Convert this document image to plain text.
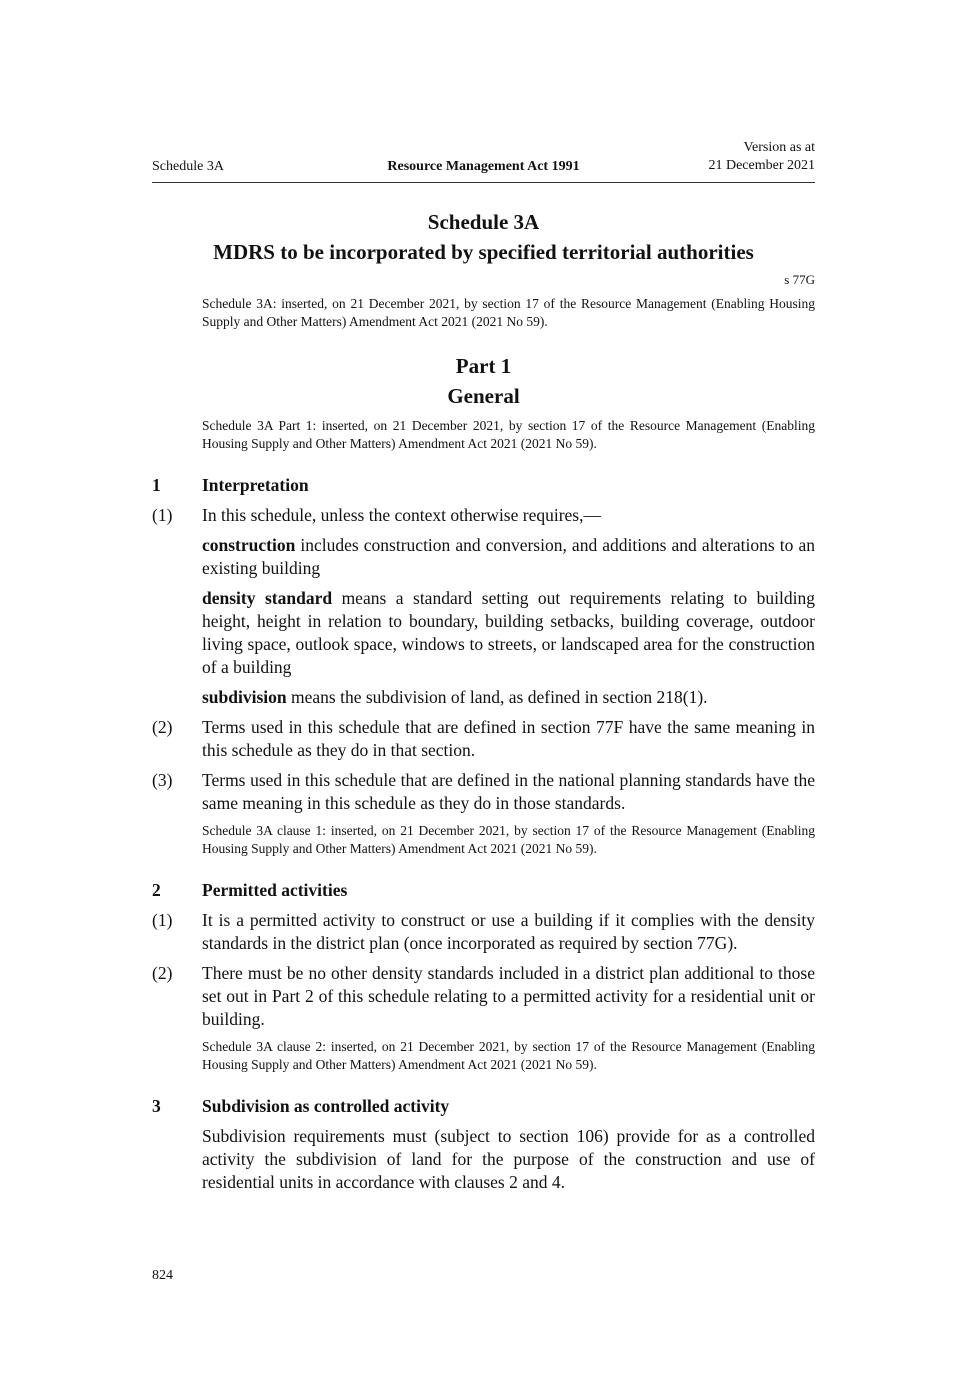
Schedule 3A	Resource Management Act 1991
Version as at
21 December 2021
Schedule 3A
MDRS to be incorporated by specified territorial authorities
s 77G
Schedule 3A: inserted, on 21 December 2021, by section 17 of the Resource Management (Enabling Housing Supply and Other Matters) Amendment Act 2021 (2021 No 59).
Part 1
General
Schedule 3A Part 1: inserted, on 21 December 2021, by section 17 of the Resource Management (Enabling Housing Supply and Other Matters) Amendment Act 2021 (2021 No 59).
1 Interpretation
(1) In this schedule, unless the context otherwise requires,—
construction includes construction and conversion, and additions and alterations to an existing building
density standard means a standard setting out requirements relating to building height, height in relation to boundary, building setbacks, building coverage, outdoor living space, outlook space, windows to streets, or landscaped area for the construction of a building
subdivision means the subdivision of land, as defined in section 218(1).
(2) Terms used in this schedule that are defined in section 77F have the same meaning in this schedule as they do in that section.
(3) Terms used in this schedule that are defined in the national planning standards have the same meaning in this schedule as they do in those standards.
Schedule 3A clause 1: inserted, on 21 December 2021, by section 17 of the Resource Management (Enabling Housing Supply and Other Matters) Amendment Act 2021 (2021 No 59).
2 Permitted activities
(1) It is a permitted activity to construct or use a building if it complies with the density standards in the district plan (once incorporated as required by section 77G).
(2) There must be no other density standards included in a district plan additional to those set out in Part 2 of this schedule relating to a permitted activity for a residential unit or building.
Schedule 3A clause 2: inserted, on 21 December 2021, by section 17 of the Resource Management (Enabling Housing Supply and Other Matters) Amendment Act 2021 (2021 No 59).
3 Subdivision as controlled activity
Subdivision requirements must (subject to section 106) provide for as a controlled activity the subdivision of land for the purpose of the construction and use of residential units in accordance with clauses 2 and 4.
824
